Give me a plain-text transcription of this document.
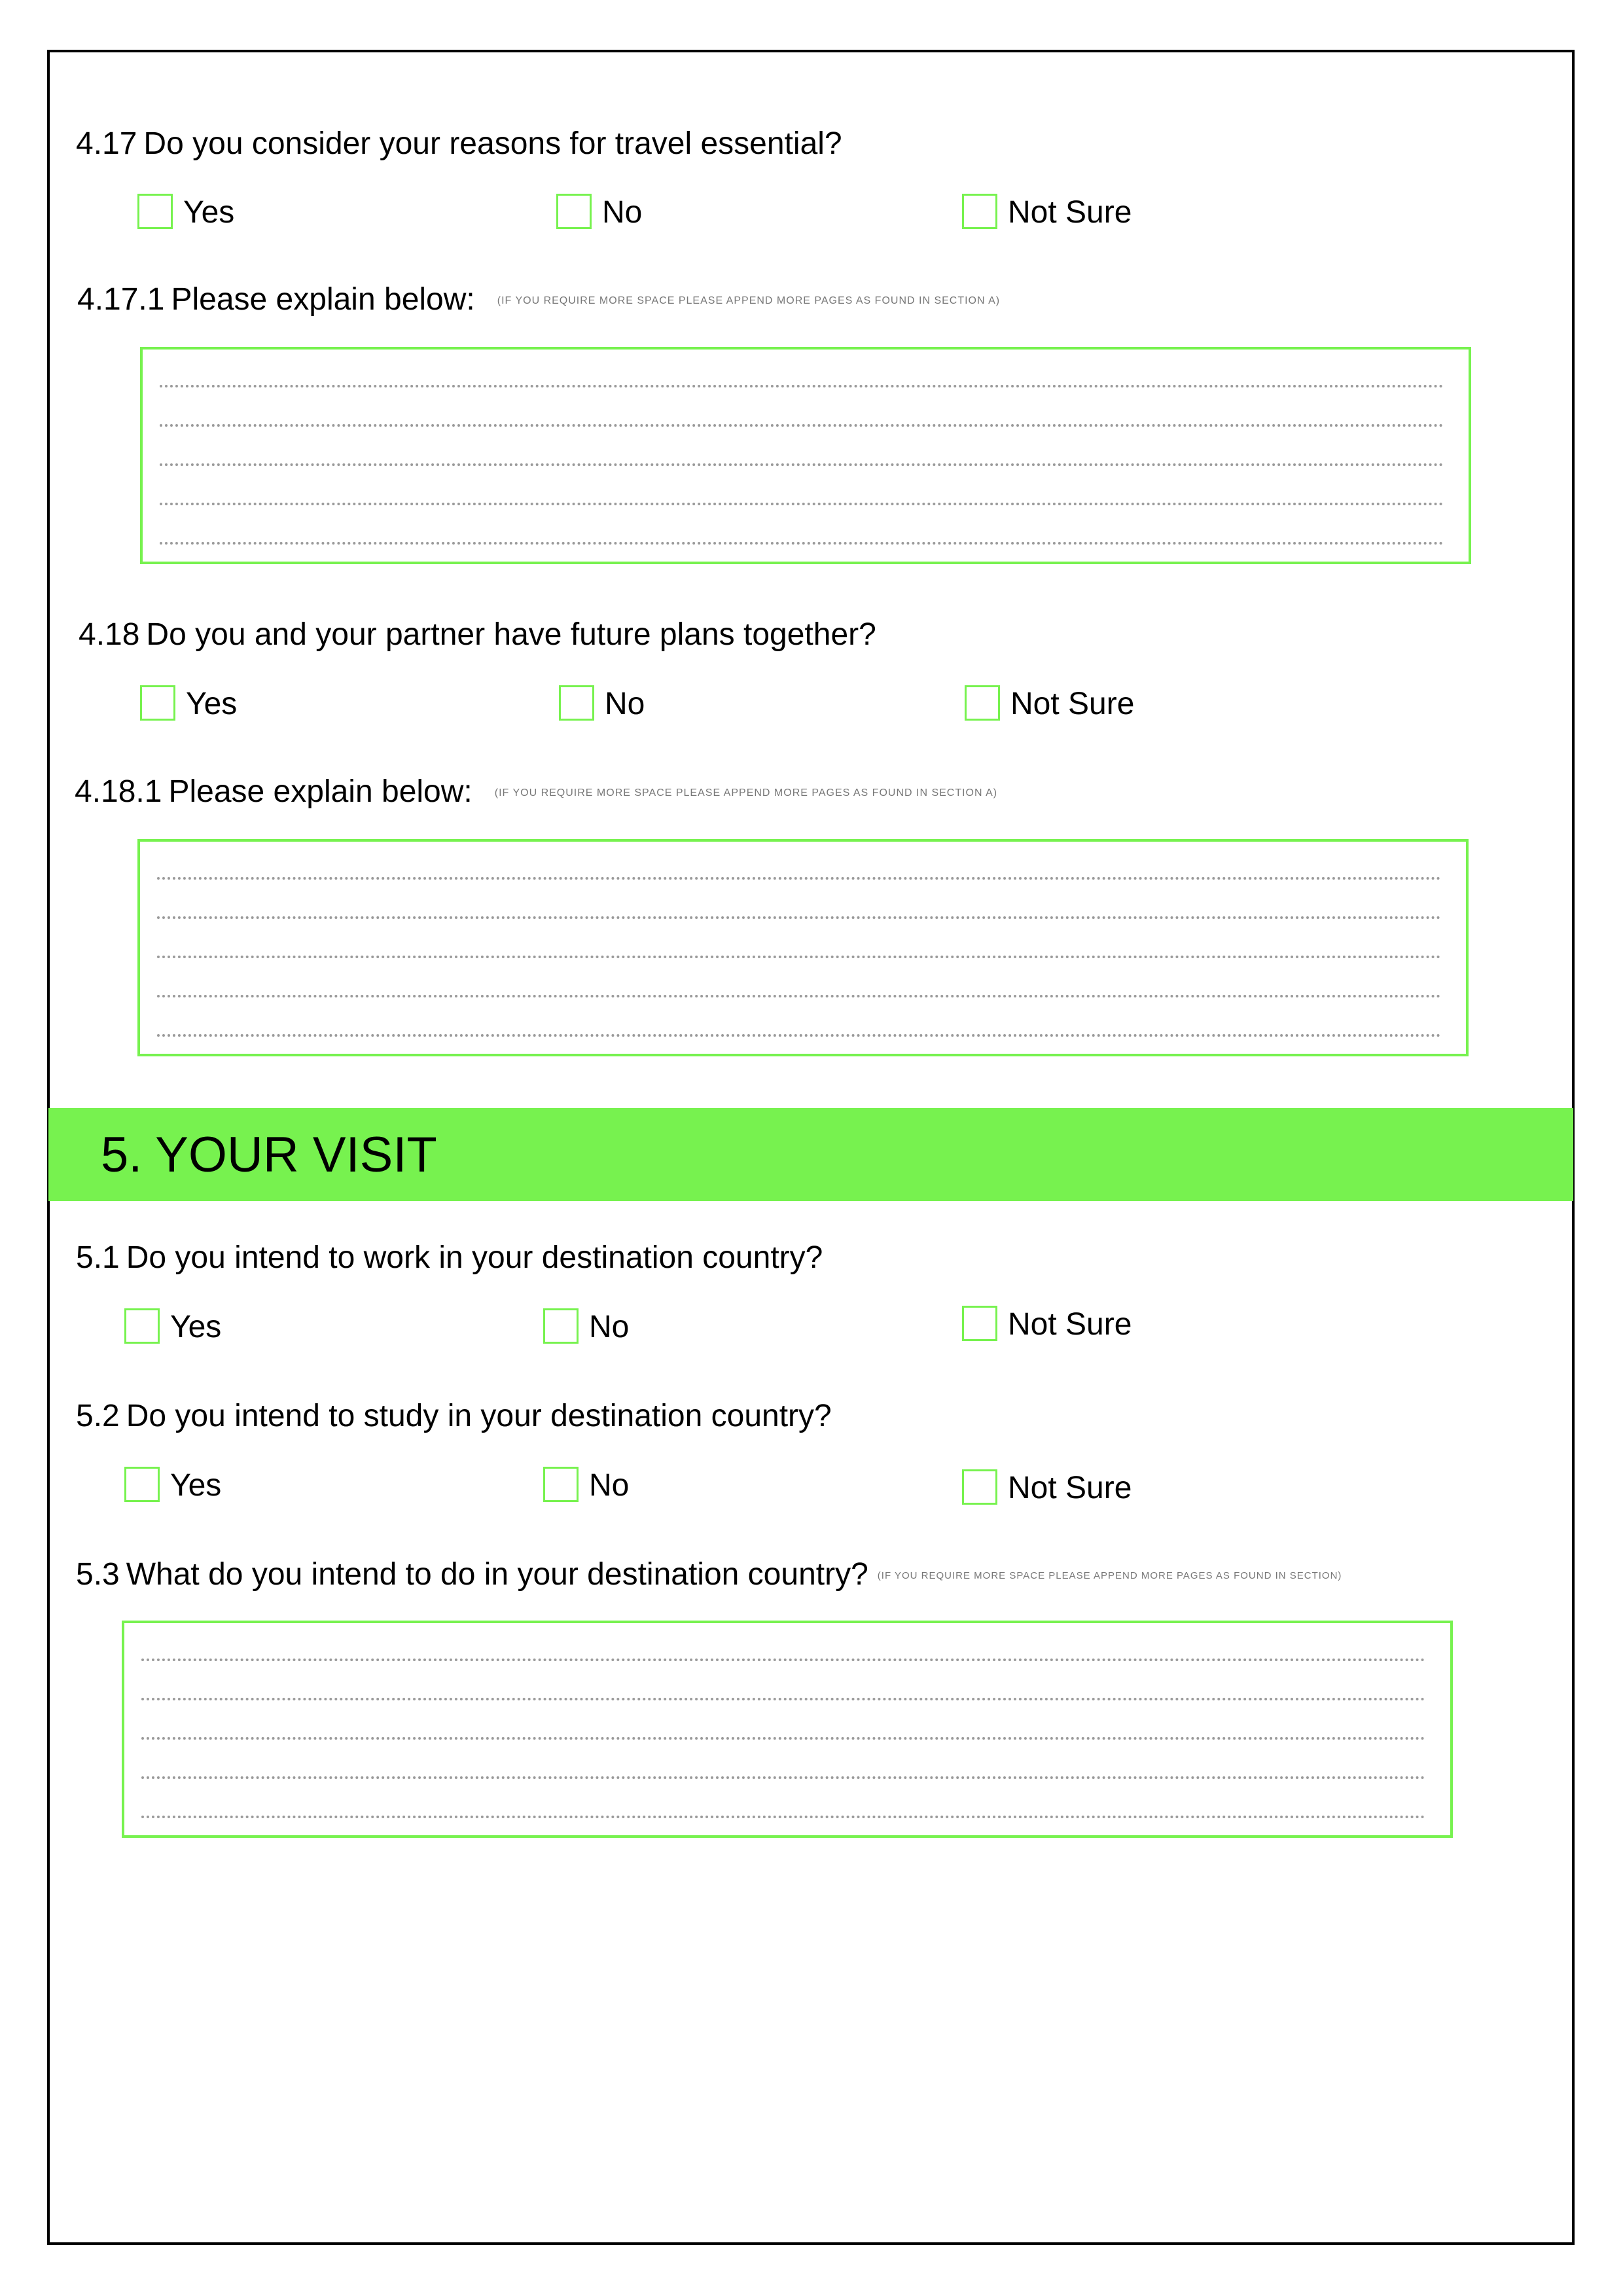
4.17 Do you consider your reasons for travel essential?
Yes	No	Not Sure
4.17.1 Please explain below: (IF YOU REQUIRE MORE SPACE PLEASE APPEND MORE PAGES AS FOUND IN SECTION A)
4.18 Do you and your partner have future plans together?
Yes	No	Not Sure
4.18.1 Please explain below: (IF YOU REQUIRE MORE SPACE PLEASE APPEND MORE PAGES AS FOUND IN SECTION A)
5. YOUR VISIT
5.1 Do you intend to work in your destination country?
Yes	No	Not Sure
5.2 Do you intend to study in your destination country?
Yes	No	Not Sure
5.3 What do you intend to do in your destination country? (IF YOU REQUIRE MORE SPACE PLEASE APPEND MORE PAGES AS FOUND IN SECTION)
